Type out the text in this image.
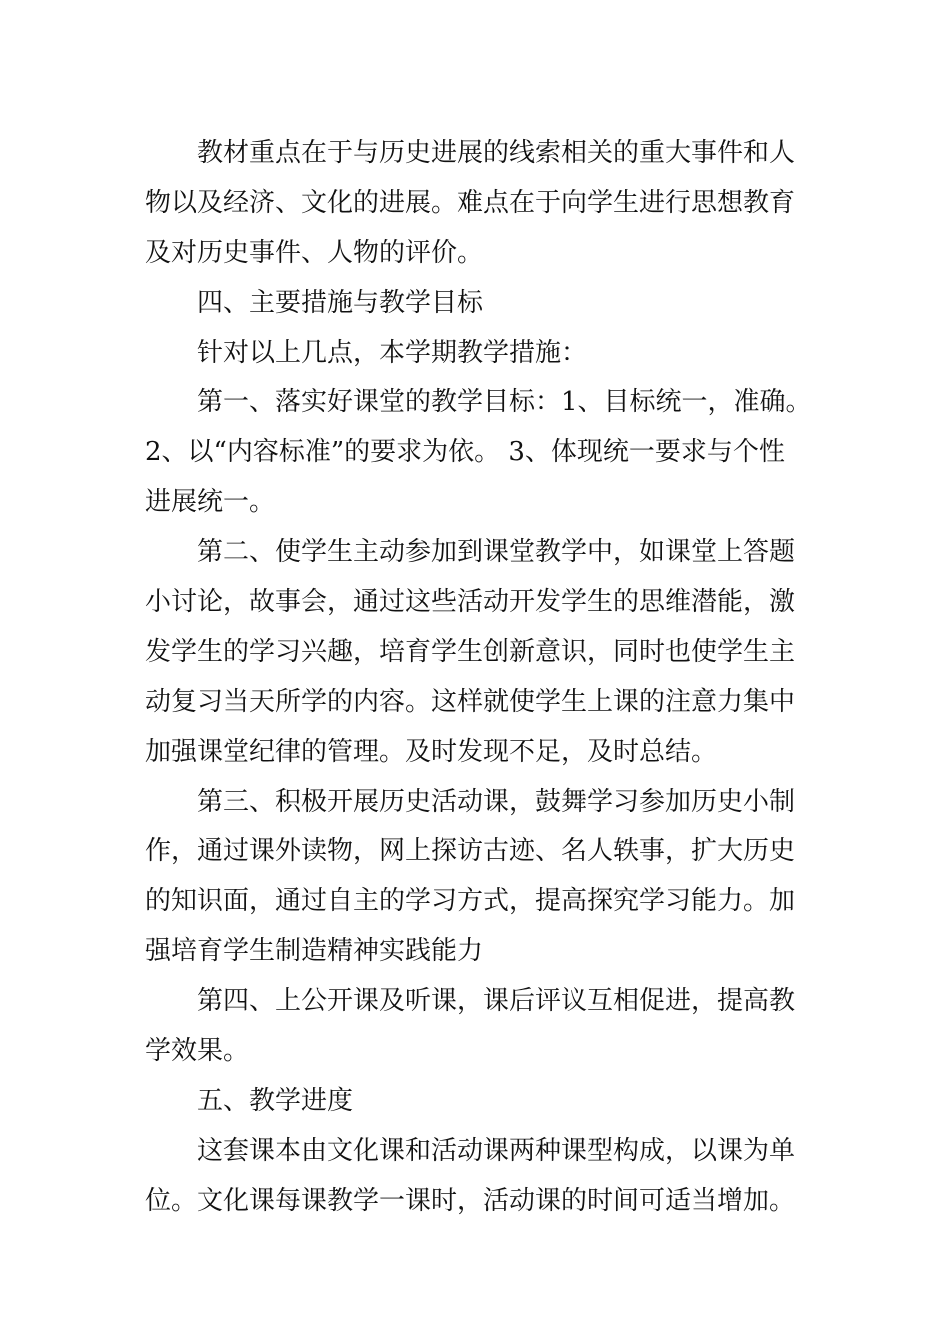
教材重点在于与历史进展的线索相关的重大事件和人
物以及经济、文化的进展。难点在于向学生进行思想教育
及对历史事件、人物的评价。
四、主要措施与教学目标
针对以上几点，本学期教学措施：
第一、落实好课堂的教学目标：1、目标统一，准确。
2、以“内容标准”的要求为依。 3、体现统一要求与个性
进展统一。
第二、使学生主动参加到课堂教学中，如课堂上答题
小讨论，故事会，通过这些活动开发学生的思维潜能，激
发学生的学习兴趣，培育学生创新意识，同时也使学生主
动复习当天所学的内容。这样就使学生上课的注意力集中
加强课堂纪律的管理。及时发现不足，及时总结。
第三、积极开展历史活动课，鼓舞学习参加历史小制
作，通过课外读物，网上探访古迹、名人轶事，扩大历史
的知识面，通过自主的学习方式，提高探究学习能力。加
强培育学生制造精神实践能力
第四、上公开课及听课，课后评议互相促进，提高教
学效果。
五、教学进度
这套课本由文化课和活动课两种课型构成，以课为单
位。文化课每课教学一课时，活动课的时间可适当增加。
